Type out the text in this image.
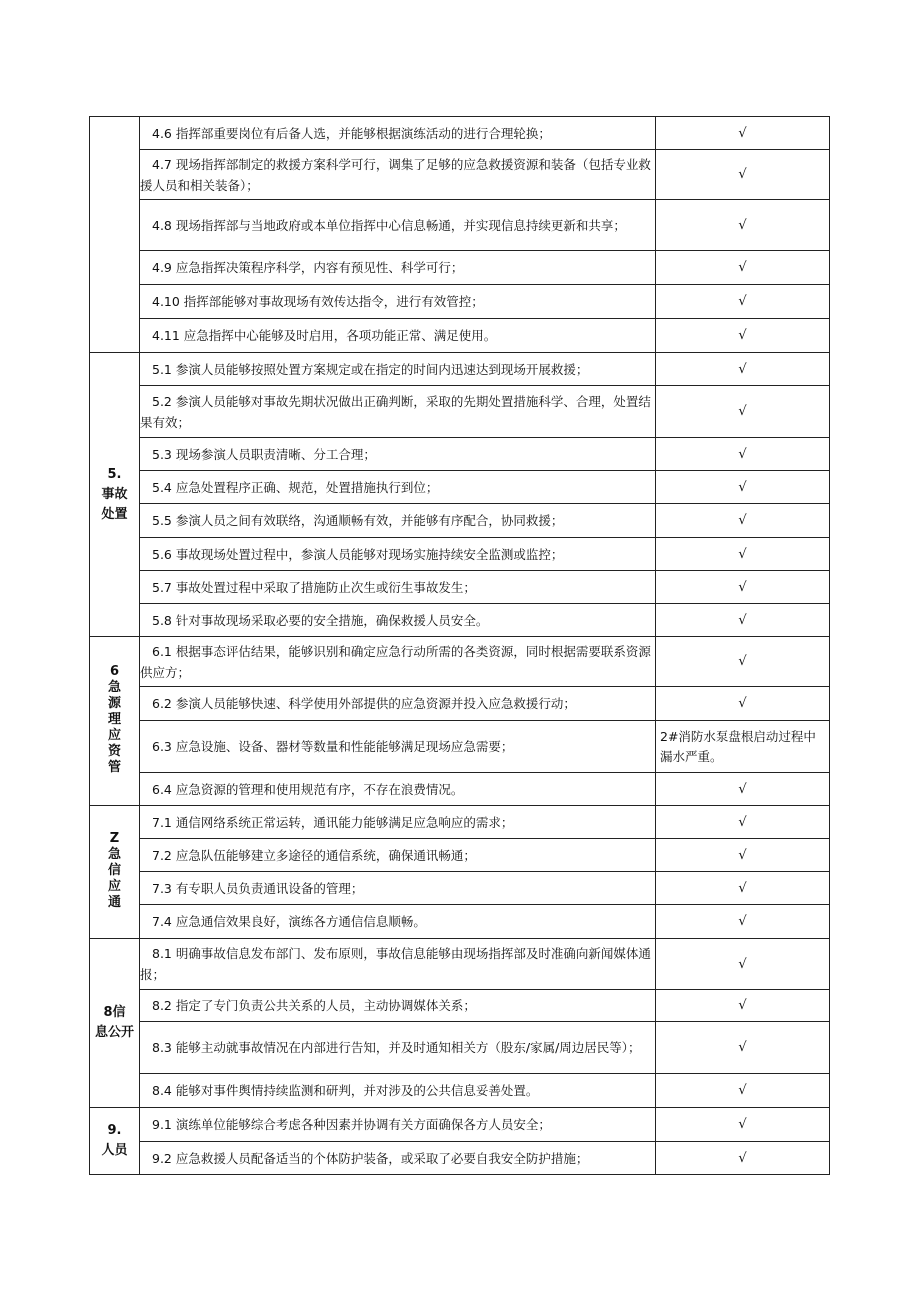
	4.6 指挥部重要岗位有后备人选，并能够根据演练活动的进行合理轮换；	√
	4.7 现场指挥部制定的救援方案科学可行，调集了足够的应急救援资源和装备（包括专业救援人员和相关装备）；	√
	4.8 现场指挥部与当地政府或本单位指挥中心信息畅通，并实现信息持续更新和共享；	√
	4.9 应急指挥决策程序科学，内容有预见性、科学可行；	√
	4.10 指挥部能够对事故现场有效传达指令，进行有效管控；	√
	4.11 应急指挥中心能够及时启用，各项功能正常、满足使用。	√

5.
事故处置	5.1 参演人员能够按照处置方案规定或在指定的时间内迅速达到现场开展救援；	√
	5.2 参演人员能够对事故先期状况做出正确判断，采取的先期处置措施科学、合理，处置结果有效；	√
	5.3 现场参演人员职责清晰、分工合理；	√
	5.4 应急处置程序正确、规范，处置措施执行到位；	√
	5.5 参演人员之间有效联络，沟通顺畅有效，并能够有序配合，协同救援；	√
	5.6 事故现场处置过程中，参演人员能够对现场实施持续安全监测或监控；	√
	5.7 事故处置过程中采取了措施防止次生或衍生事故发生；	√
	5.8 针对事故现场采取必要的安全措施，确保救援人员安全。	√
6急源理应资管	6.1 根据事态评估结果，能够识别和确定应急行动所需的各类资源，同时根据需要联系资源供应方；	√
	6.2 参演人员能够快速、科学使用外部提供的应急资源并投入应急救援行动；	√
	6.3 应急设施、设备、器材等数量和性能能够满足现场应急需要；	2#消防水泵盘根启动过程中漏水严重。
	6.4 应急资源的管理和使用规范有序，不存在浪费情况。	√
Z急信应通	7.1 通信网络系统正常运转，通讯能力能够满足应急响应的需求；	√
	7.2 应急队伍能够建立多途径的通信系统，确保通讯畅通；	√
	7.3 有专职人员负责通讯设备的管理；	√
	7.4 应急通信效果良好，演练各方通信信息顺畅。	√

8信
息公开	8.1 明确事故信息发布部门、发布原则，事故信息能够由现场指挥部及时准确向新闻媒体通报；	√
	8.2 指定了专门负责公共关系的人员，主动协调媒体关系；	√
	8.3 能够主动就事故情况在内部进行告知，并及时通知相关方（股东/家属/周边居民等）；	√
	8.4 能够对事件舆情持续监测和研判，并对涉及的公共信息妥善处置。	√

9.
人员	9.1 演练单位能够综合考虑各种因素并协调有关方面确保各方人员安全；	√
	9.2 应急救援人员配备适当的个体防护装备，或采取了必要自我安全防护措施；	√
